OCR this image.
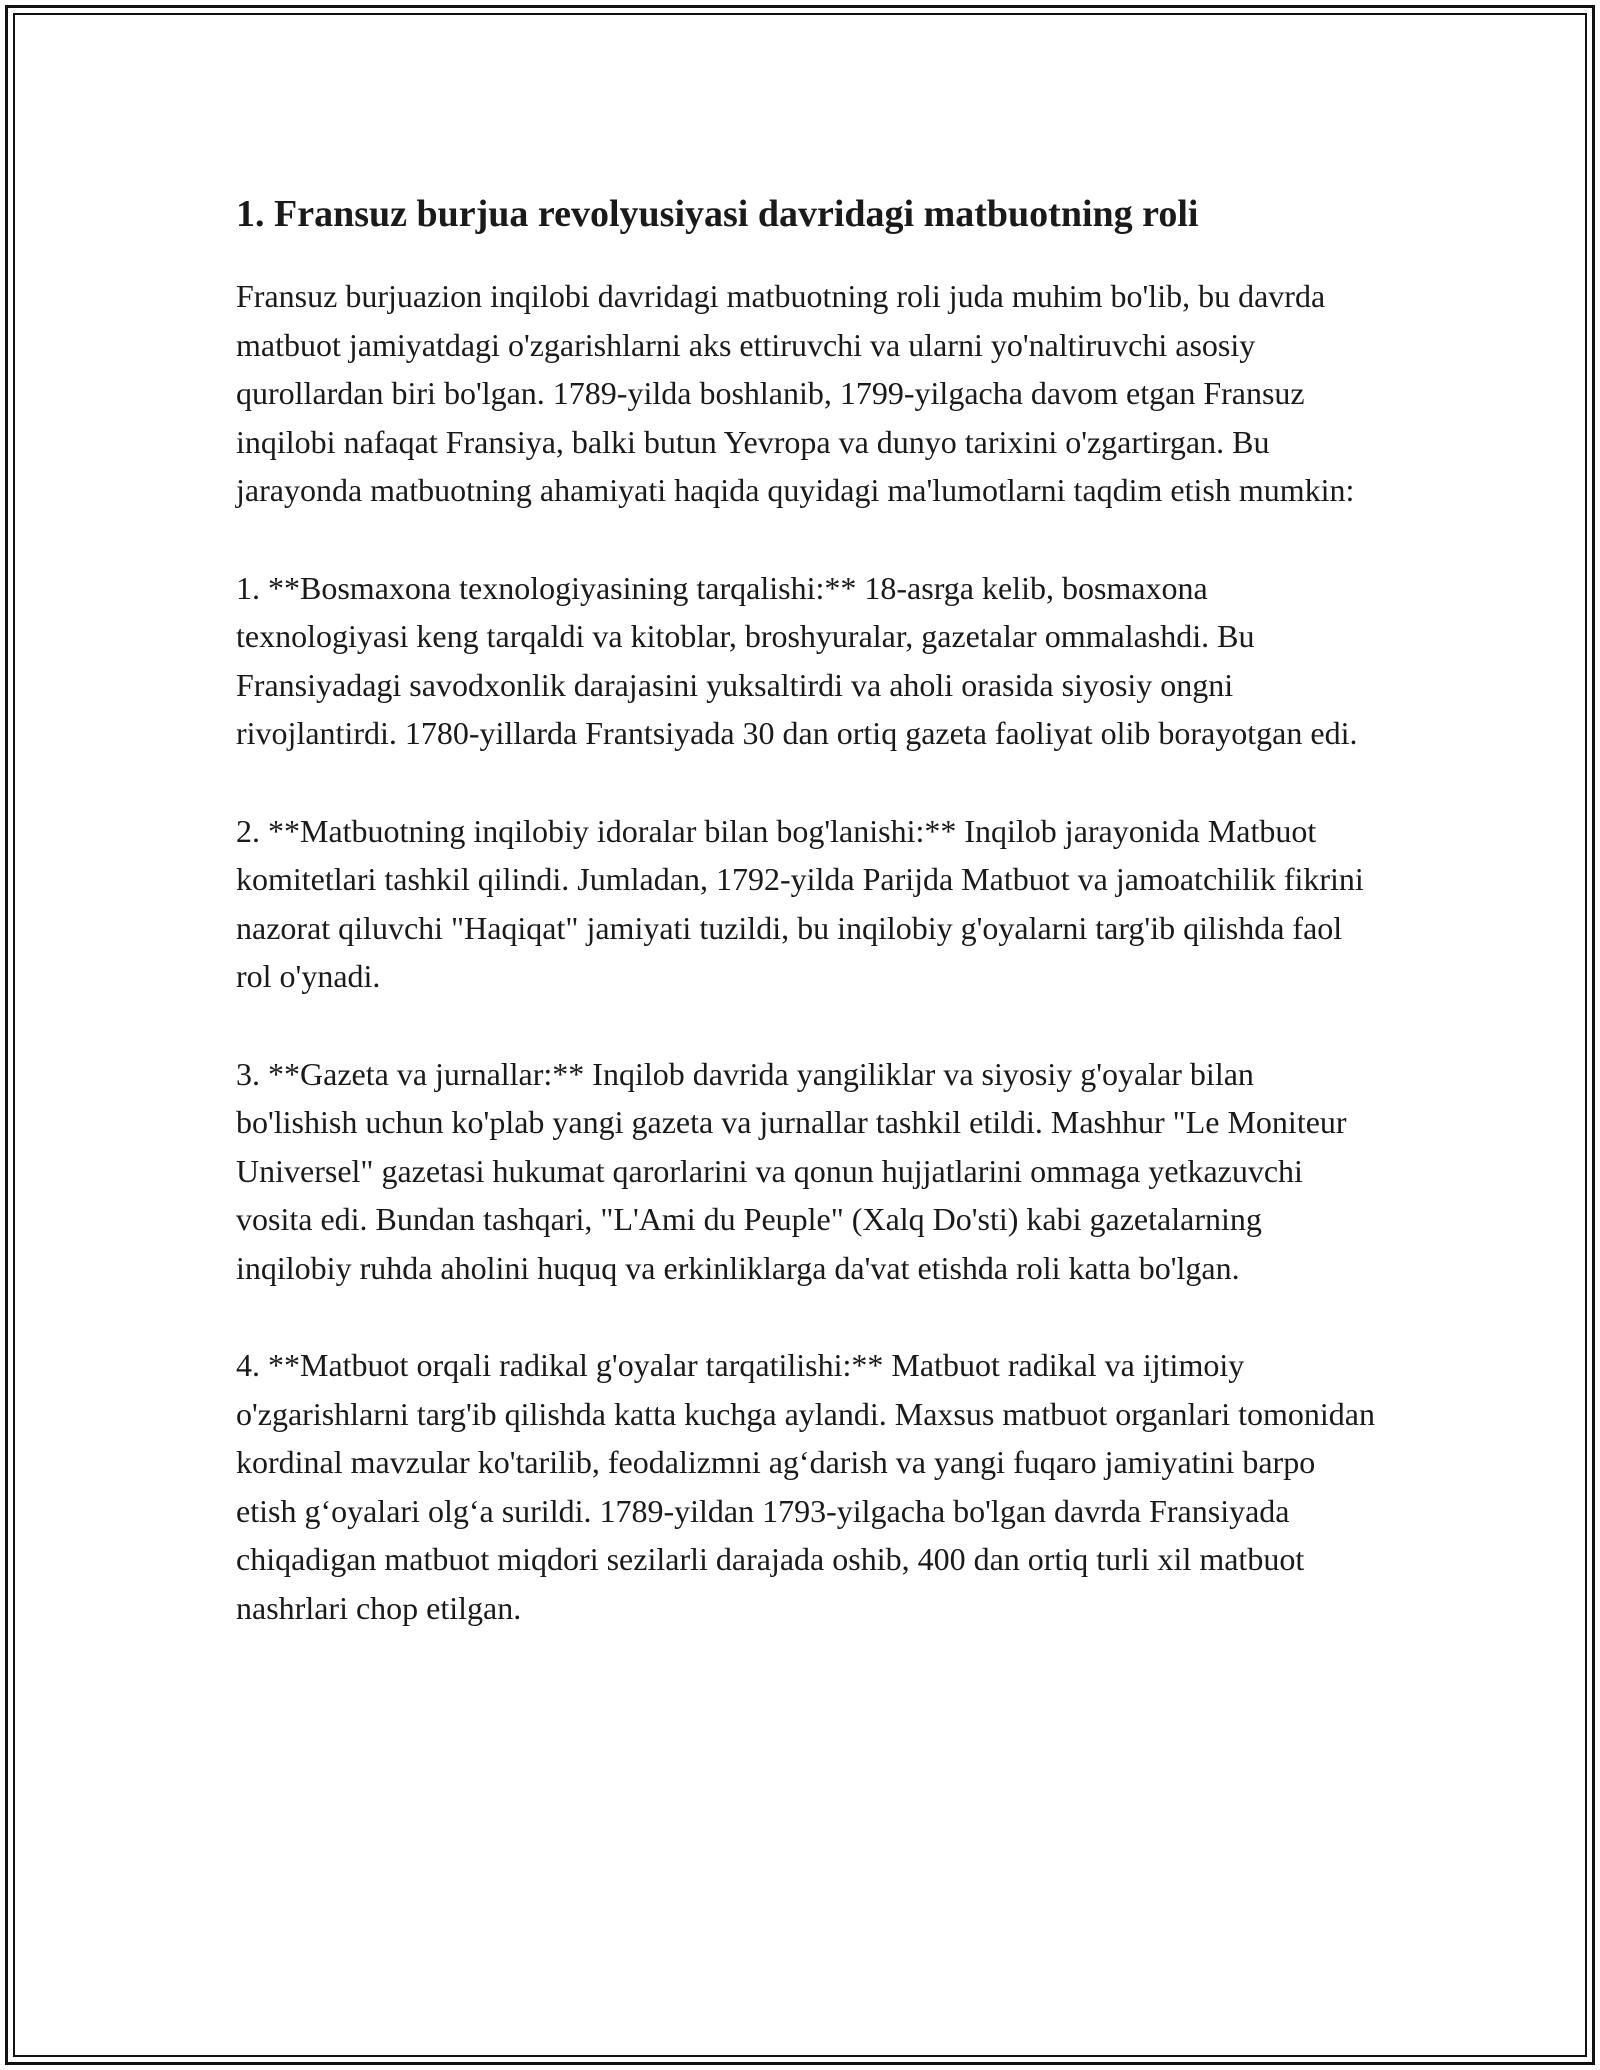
1. Fransuz burjua revolyusiyasi davridagi matbuotning roli

Fransuz burjuazion inqilobi davridagi matbuotning roli juda muhim bo'lib, bu davrda matbuot jamiyatdagi o'zgarishlarni aks ettiruvchi va ularni yo'naltiruvchi asosiy qurollardan biri bo'lgan. 1789-yilda boshlanib, 1799-yilgacha davom etgan Fransuz inqilobi nafaqat Fransiya, balki butun Yevropa va dunyo tarixini o'zgartirgan. Bu jarayonda matbuotning ahamiyati haqida quyidagi ma'lumotlarni taqdim etish mumkin:

1. **Bosmaxona texnologiyasining tarqalishi:** 18-asrga kelib, bosmaxona texnologiyasi keng tarqaldi va kitoblar, broshyuralar, gazetalar ommalashdi. Bu Fransiyadagi savodxonlik darajasini yuksaltirdi va aholi orasida siyosiy ongni rivojlantirdi. 1780-yillarda Frantsiyada 30 dan ortiq gazeta faoliyat olib borayotgan edi.

2. **Matbuotning inqilobiy idoralar bilan bog'lanishi:** Inqilob jarayonida Matbuot komitetlari tashkil qilindi. Jumladan, 1792-yilda Parijda Matbuot va jamoatchilik fikrini nazorat qiluvchi "Haqiqat" jamiyati tuzildi, bu inqilobiy g'oyalarni targ'ib qilishda faol rol o'ynadi.

3. **Gazeta va jurnallar:** Inqilob davrida yangiliklar va siyosiy g'oyalar bilan bo'lishish uchun ko'plab yangi gazeta va jurnallar tashkil etildi. Mashhur "Le Moniteur Universel" gazetasi hukumat qarorlarini va qonun hujjatlarini ommaga yetkazuvchi vosita edi. Bundan tashqari, "L'Ami du Peuple" (Xalq Do'sti) kabi gazetalarning inqilobiy ruhda aholini huquq va erkinliklarga da'vat etishda roli katta bo'lgan.

4. **Matbuot orqali radikal g'oyalar tarqatilishi:** Matbuot radikal va ijtimoiy o'zgarishlarni targ'ib qilishda katta kuchga aylandi. Maxsus matbuot organlari tomonidan kordinal mavzular ko'tarilib, feodalizmni ag‘darish va yangi fuqaro jamiyatini barpo etish g‘oyalari olg‘a surildi. 1789-yildan 1793-yilgacha bo'lgan davrda Fransiyada chiqadigan matbuot miqdori sezilarli darajada oshib, 400 dan ortiq turli xil matbuot nashrlari chop etilgan.
